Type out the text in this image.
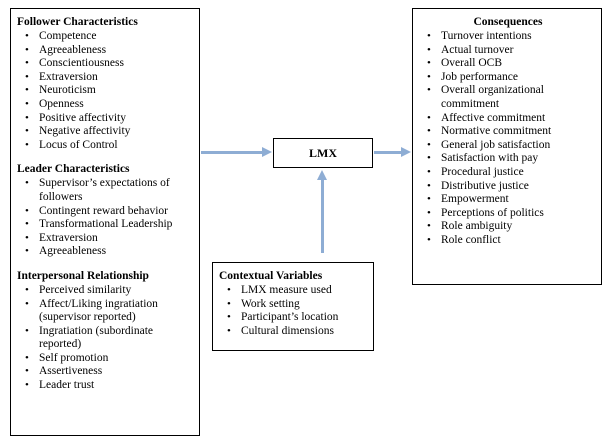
Follower Characteristics
• Competence
• Agreeableness
• Conscientiousness
• Extraversion
• Neuroticism
• Openness
• Positive affectivity
• Negative affectivity
• Locus of Control
Leader Characteristics
• Supervisor’s expectations of followers
• Contingent reward behavior
• Transformational Leadership
• Extraversion
• Agreeableness
Interpersonal Relationship
• Perceived similarity
• Affect/Liking ingratiation (supervisor reported)
• Ingratiation (subordinate reported)
• Self promotion
• Assertiveness
• Leader trust
LMX
Contextual Variables
• LMX measure used
• Work setting
• Participant’s location
• Cultural dimensions
Consequences
• Turnover intentions
• Actual turnover
• Overall OCB
• Job performance
• Overall organizational commitment
• Affective commitment
• Normative commitment
• General job satisfaction
• Satisfaction with pay
• Procedural justice
• Distributive justice
• Empowerment
• Perceptions of politics
• Role ambiguity
• Role conflict
